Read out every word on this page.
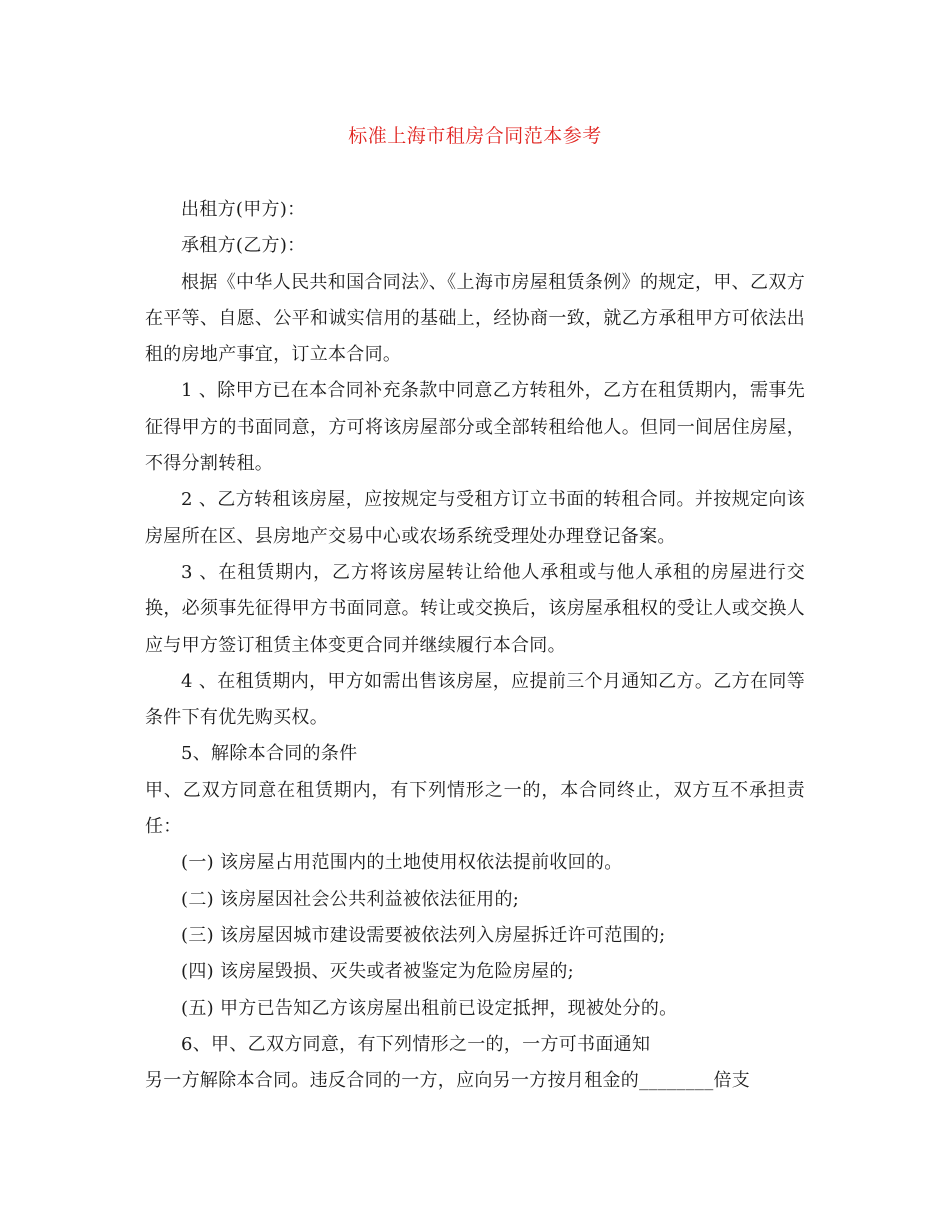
标准上海市租房合同范本参考

出租方(甲方)：

承租方(乙方)：

根据《中华人民共和国合同法》、《上海市房屋租赁条例》的规定，甲、乙双方在平等、自愿、公平和诚实信用的基础上，经协商一致，就乙方承租甲方可依法出租的房地产事宜，订立本合同。

1 、除甲方已在本合同补充条款中同意乙方转租外，乙方在租赁期内，需事先征得甲方的书面同意，方可将该房屋部分或全部转租给他人。但同一间居住房屋，不得分割转租。

2 、乙方转租该房屋，应按规定与受租方订立书面的转租合同。并按规定向该房屋所在区、县房地产交易中心或农场系统受理处办理登记备案。

3 、在租赁期内，乙方将该房屋转让给他人承租或与他人承租的房屋进行交换，必须事先征得甲方书面同意。转让或交换后，该房屋承租权的受让人或交换人应与甲方签订租赁主体变更合同并继续履行本合同。

4 、在租赁期内，甲方如需出售该房屋，应提前三个月通知乙方。乙方在同等条件下有优先购买权。

5、解除本合同的条件

甲、乙双方同意在租赁期内，有下列情形之一的，本合同终止，双方互不承担责任：

(一) 该房屋占用范围内的土地使用权依法提前收回的。

(二) 该房屋因社会公共利益被依法征用的;

(三) 该房屋因城市建设需要被依法列入房屋拆迁许可范围的;

(四) 该房屋毁损、灭失或者被鉴定为危险房屋的;

(五) 甲方已告知乙方该房屋出租前已设定抵押，现被处分的。

6、甲、乙双方同意，有下列情形之一的，一方可书面通知

另一方解除本合同。违反合同的一方，应向另一方按月租金的________倍支
